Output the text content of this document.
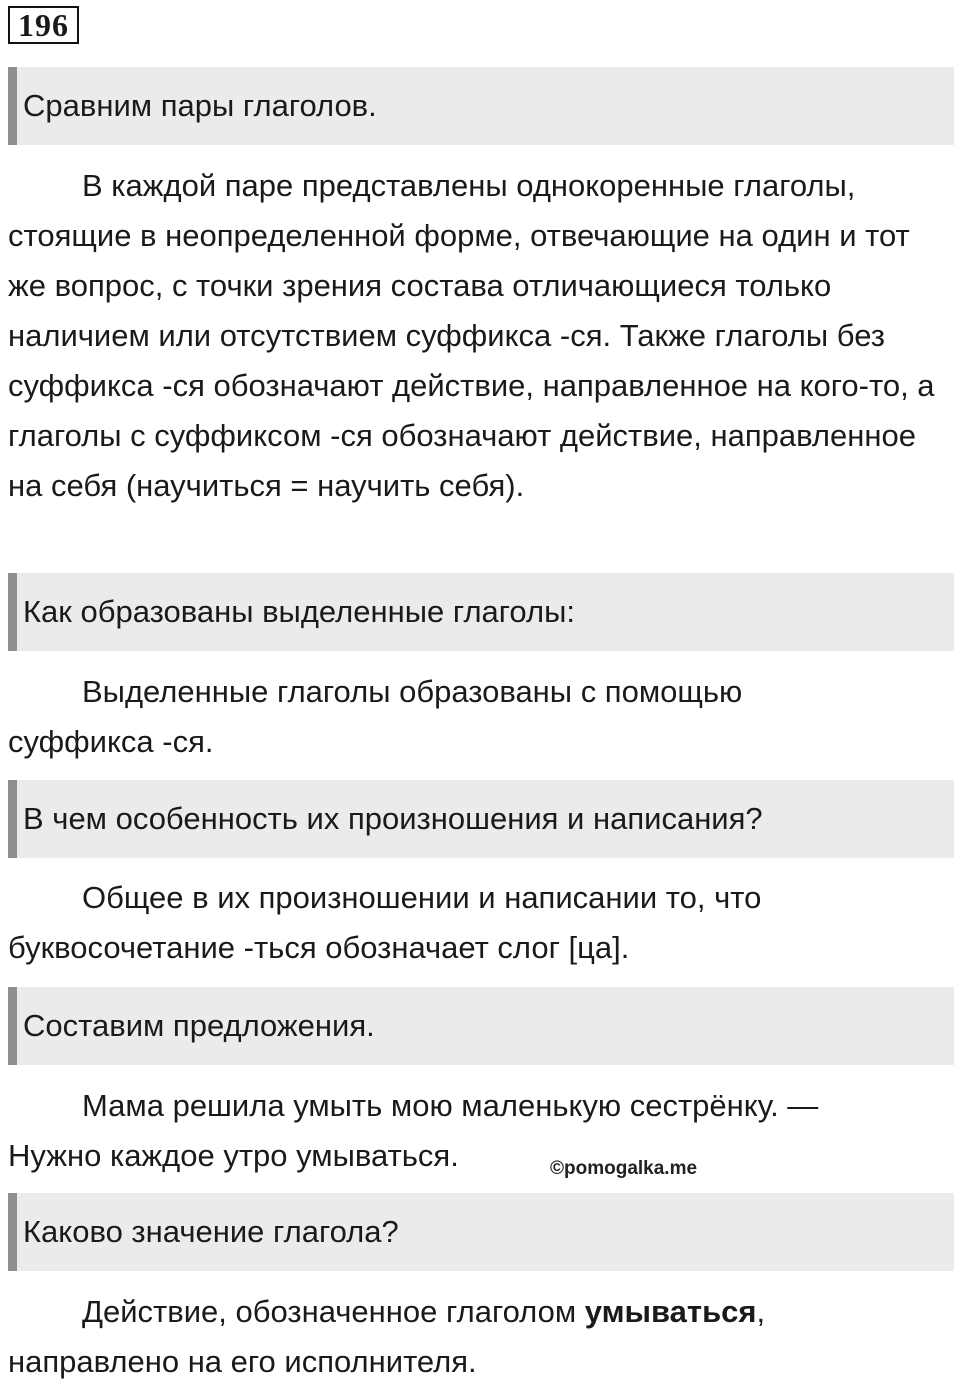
196
Сравним пары глаголов.

В каждой паре представлены однокоренные глаголы, стоящие в неопределенной форме, отвечающие на один и тот же вопрос, с точки зрения состава отличающиеся только наличием или отсутствием суффикса -ся. Также глаголы без суффикса -ся обозначают действие, направленное на кого-то, а глаголы с суффиксом -ся обозначают действие, направленное на себя (научиться = научить себя).

Как образованы выделенные глаголы:

Выделенные глаголы образованы с помощью суффикса -ся.

В чем особенность их произношения и написания?

Общее в их произношении и написании то, что буквосочетание -ться обозначает слог [ца].

Составим предложения.

Мама решила умыть мою маленькую сестрёнку. — Нужно каждое утро умываться.	©pomogalka.me
Каково значение глагола?

Действие, обозначенное глаголом умываться, направлено на его исполнителя.
